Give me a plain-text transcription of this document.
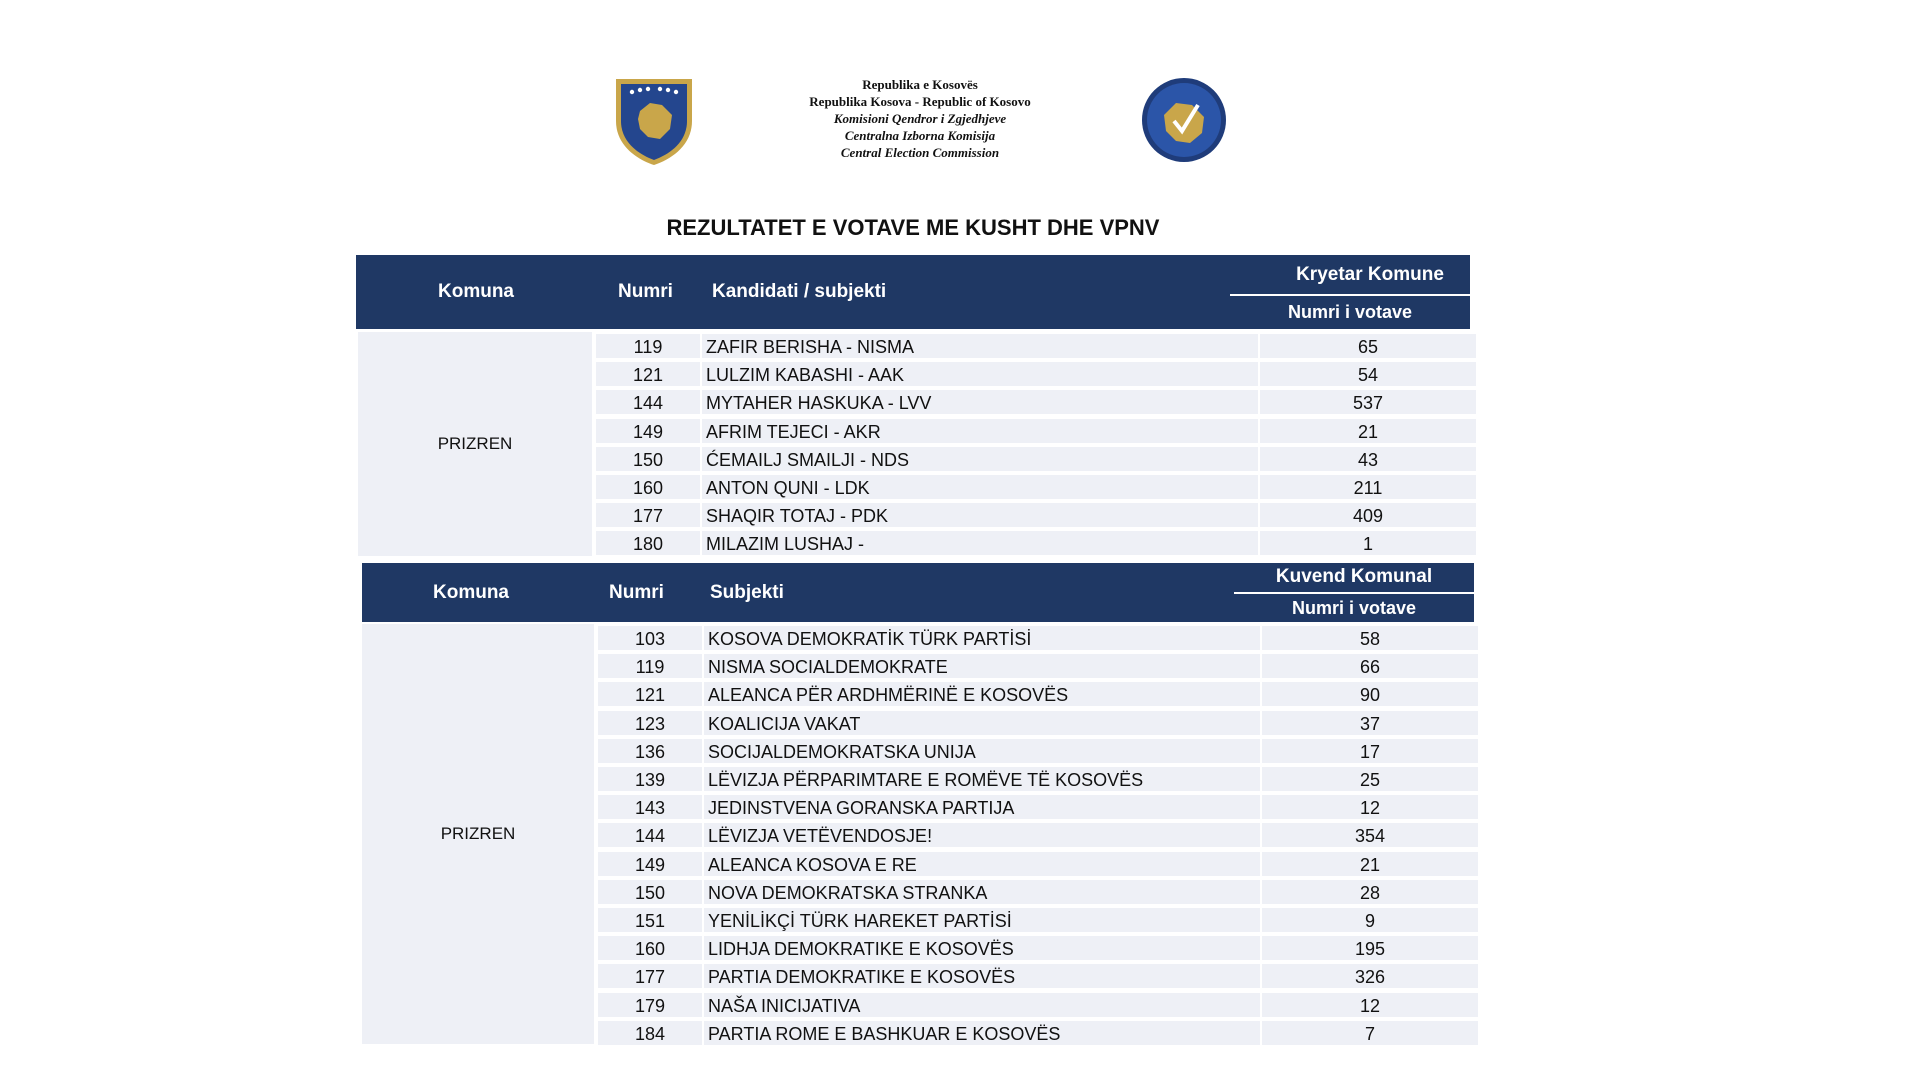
Republika e Kosovës
Republika Kosova - Republic of Kosovo
Komisioni Qendror i Zgjedhjeve
Centralna Izborna Komisija
Central Election Commission
REZULTATET E VOTAVE ME KUSHT DHE VPNV
Komuna	Numri Kandidati / subjekti
Kryetar Komune
Numri i votave
PRIZREN
119	ZAFIR BERISHA - NISMA	65
121	LULZIM KABASHI - AAK	54
144	MYTAHER HASKUKA - LVV	537
149	AFRIM TEJECI - AKR	21
150	ĆEMAILJ SMAILJI - NDS	43
160	ANTON QUNI - LDK	211
177	SHAQIR TOTAJ - PDK	409
180	MILAZIM LUSHAJ -	1
Komuna	Numri Subjekti
Kuvend Komunal
Numri i votave
PRIZREN
103	KOSOVA DEMOKRATİK TÜRK PARTİSİ	58
119	NISMA SOCIALDEMOKRATE	66
121	ALEANCA PËR ARDHMËRINË E KOSOVËS	90
123	KOALICIJA VAKAT	37
136	SOCIJALDEMOKRATSKA UNIJA	17
139	LËVIZJA PËRPARIMTARE E ROMËVE TË KOSOVËS	25
143	JEDINSTVENA GORANSKA PARTIJA	12
144	LËVIZJA VETËVENDOSJE!	354
149	ALEANCA KOSOVA E RE	21
150	NOVA DEMOKRATSKA STRANKA	28
151	YENİLİKÇİ TÜRK HAREKET PARTİSİ	9
160	LIDHJA DEMOKRATIKE E KOSOVËS	195
177	PARTIA DEMOKRATIKE E KOSOVËS	326
179	NAŠA INICIJATIVA	12
184	PARTIA ROME E BASHKUAR E KOSOVËS	7
